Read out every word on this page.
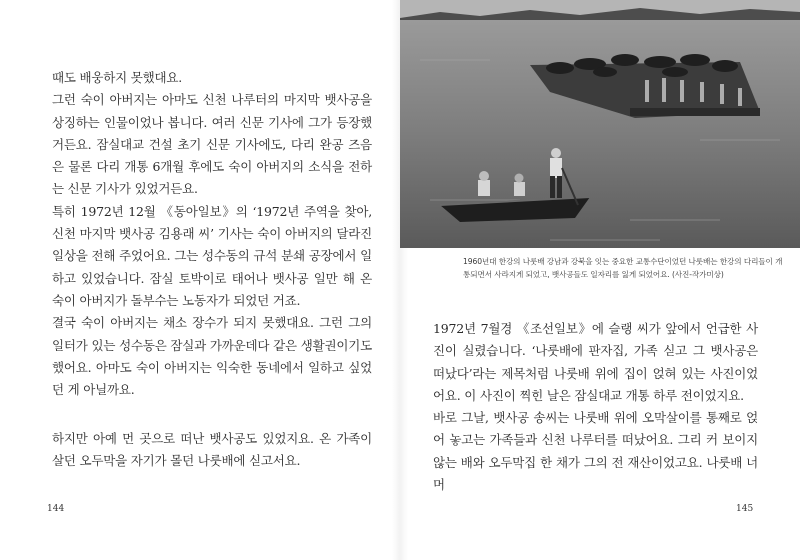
때도 배웅하지 못했대요.
그런 숙이 아버지는 아마도 신천 나루터의 마지막 뱃사공을 상징하는 인물이었나 봅니다. 여러 신문 기사에 그가 등장했거든요. 잠실대교 건설 초기 신문 기사에도, 다리 완공 즈음은 물론 다리 개통 6개월 후에도 숙이 아버지의 소식을 전하는 신문 기사가 있었거든요.
특히 1972년 12월 《동아일보》의 ‘1972년 주역을 찾아, 신천 마지막 뱃사공 김용래 씨’ 기사는 숙이 아버지의 달라진 일상을 전해 주었어요. 그는 성수동의 규석 분쇄 공장에서 일하고 있었습니다. 잠실 토박이로 태어나 뱃사공 일만 해 온 숙이 아버지가 돌부수는 노동자가 되었던 거죠.
결국 숙이 아버지는 채소 장수가 되지 못했대요. 그런 그의 일터가 있는 성수동은 잠실과 가까운데다 같은 생활권이기도 했어요. 아마도 숙이 아버지는 익숙한 동네에서 일하고 싶었던 게 아닐까요.

하지만 아예 먼 곳으로 떠난 뱃사공도 있었지요. 온 가족이 살던 오두막을 자기가 몰던 나룻배에 싣고서요.

144
1960년대 한강의 나룻배 강남과 강북을 잇는 중요한 교통수단이었던 나룻배는 한강의 다리들이 개통되면서 사라지게 되었고, 뱃사공들도 일자리를 잃게 되었어요. (사진-작가미상)

1972년 7월경 《조선일보》에 슬랭 씨가 앞에서 언급한 사진이 실렸습니다. ‘나룻배에 판자집, 가족 싣고 그 뱃사공은 떠났다’라는 제목처럼 나룻배 위에 집이 얹혀 있는 사진이었어요. 이 사진이 찍힌 날은 잠실대교 개통 하루 전이었지요.
바로 그날, 뱃사공 송씨는 나룻배 위에 오막살이를 통째로 얹어 놓고는 가족들과 신천 나루터를 떠났어요. 그리 커 보이지 않는 배와 오두막집 한 채가 그의 전 재산이었고요. 나룻배 너머

145
